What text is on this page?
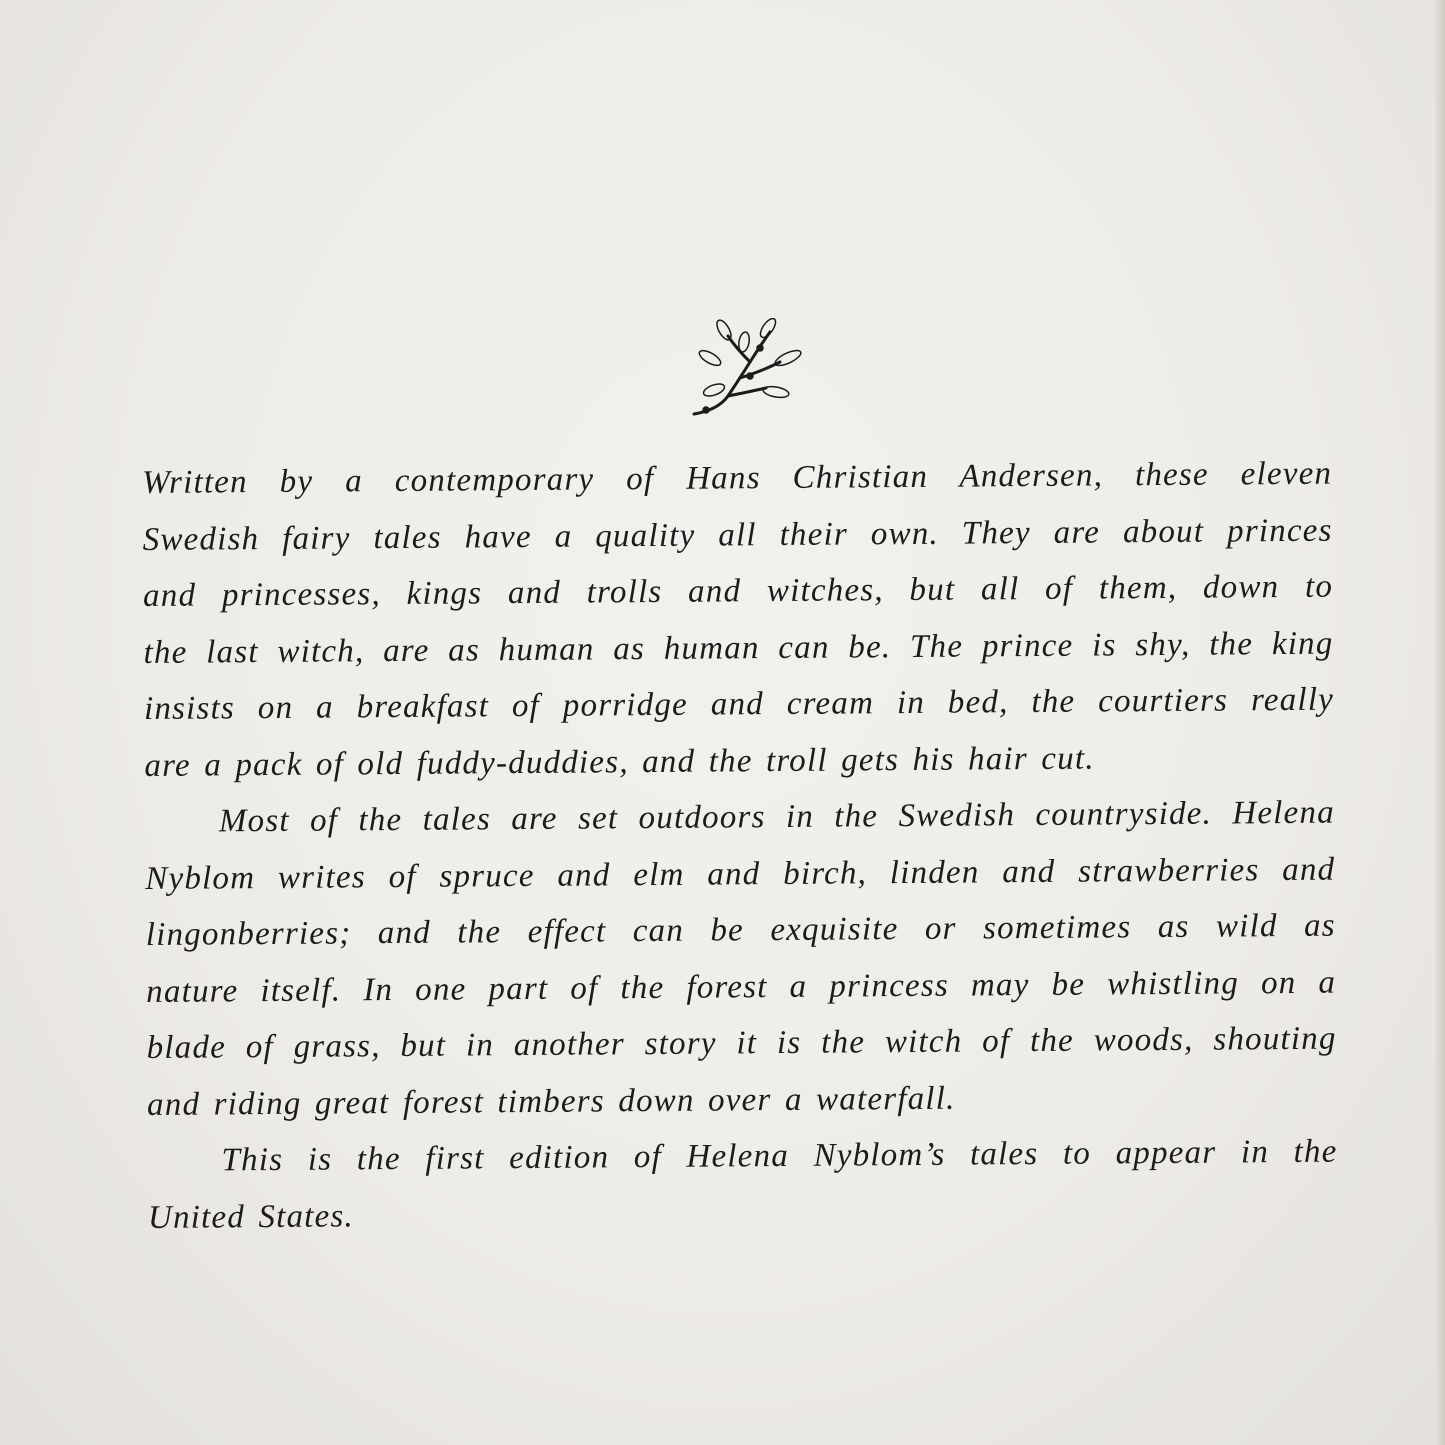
Written by a contemporary of Hans Christian Andersen, these eleven
Swedish fairy tales have a quality all their own. They are about princes
and princesses, kings and trolls and witches, but all of them, down to
the last witch, are as human as human can be. The prince is shy, the king
insists on a breakfast of porridge and cream in bed, the courtiers really
are a pack of old fuddy-duddies, and the troll gets his hair cut.
Most of the tales are set outdoors in the Swedish countryside. Helena
Nyblom writes of spruce and elm and birch, linden and strawberries and
lingonberries; and the effect can be exquisite or sometimes as wild as
nature itself. In one part of the forest a princess may be whistling on a
blade of grass, but in another story it is the witch of the woods, shouting
and riding great forest timbers down over a waterfall.
This is the first edition of Helena Nyblom’s tales to appear in the
United States.
